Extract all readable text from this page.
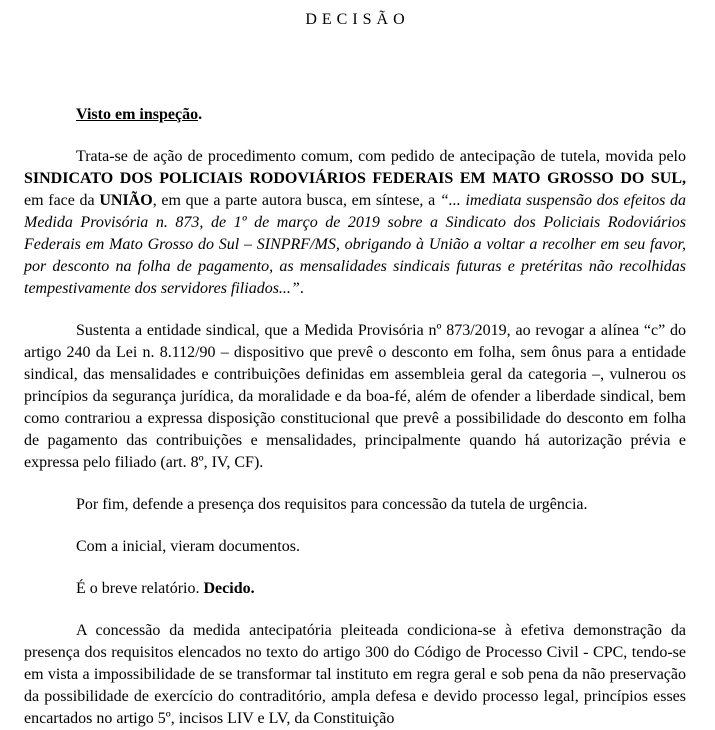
DECISÃO

Visto em inspeção.

Trata-se de ação de procedimento comum, com pedido de antecipação de tutela, movida pelo SINDICATO DOS POLICIAIS RODOVIÁRIOS FEDERAIS EM MATO GROSSO DO SUL, em face da UNIÃO, em que a parte autora busca, em síntese, a “... imediata suspensão dos efeitos da Medida Provisória n. 873, de 1º de março de 2019 sobre a Sindicato dos Policiais Rodoviários Federais em Mato Grosso do Sul – SINPRF/MS, obrigando à União a voltar a recolher em seu favor, por desconto na folha de pagamento, as mensalidades sindicais futuras e pretéritas não recolhidas tempestivamente dos servidores filiados...”.

Sustenta a entidade sindical, que a Medida Provisória nº 873/2019, ao revogar a alínea “c” do artigo 240 da Lei n. 8.112/90 – dispositivo que prevê o desconto em folha, sem ônus para a entidade sindical, das mensalidades e contribuições definidas em assembleia geral da categoria –, vulnerou os princípios da segurança jurídica, da moralidade e da boa-fé, além de ofender a liberdade sindical, bem como contrariou a expressa disposição constitucional que prevê a possibilidade do desconto em folha de pagamento das contribuições e mensalidades, principalmente quando há autorização prévia e expressa pelo filiado (art. 8º, IV, CF).

Por fim, defende a presença dos requisitos para concessão da tutela de urgência.

Com a inicial, vieram documentos.

É o breve relatório. Decido.

A concessão da medida antecipatória pleiteada condiciona-se à efetiva demonstração da presença dos requisitos elencados no texto do artigo 300 do Código de Processo Civil - CPC, tendo-se em vista a impossibilidade de se transformar tal instituto em regra geral e sob pena da não preservação da possibilidade de exercício do contraditório, ampla defesa e devido processo legal, princípios esses encartados no artigo 5º, incisos LIV e LV, da Constituição
